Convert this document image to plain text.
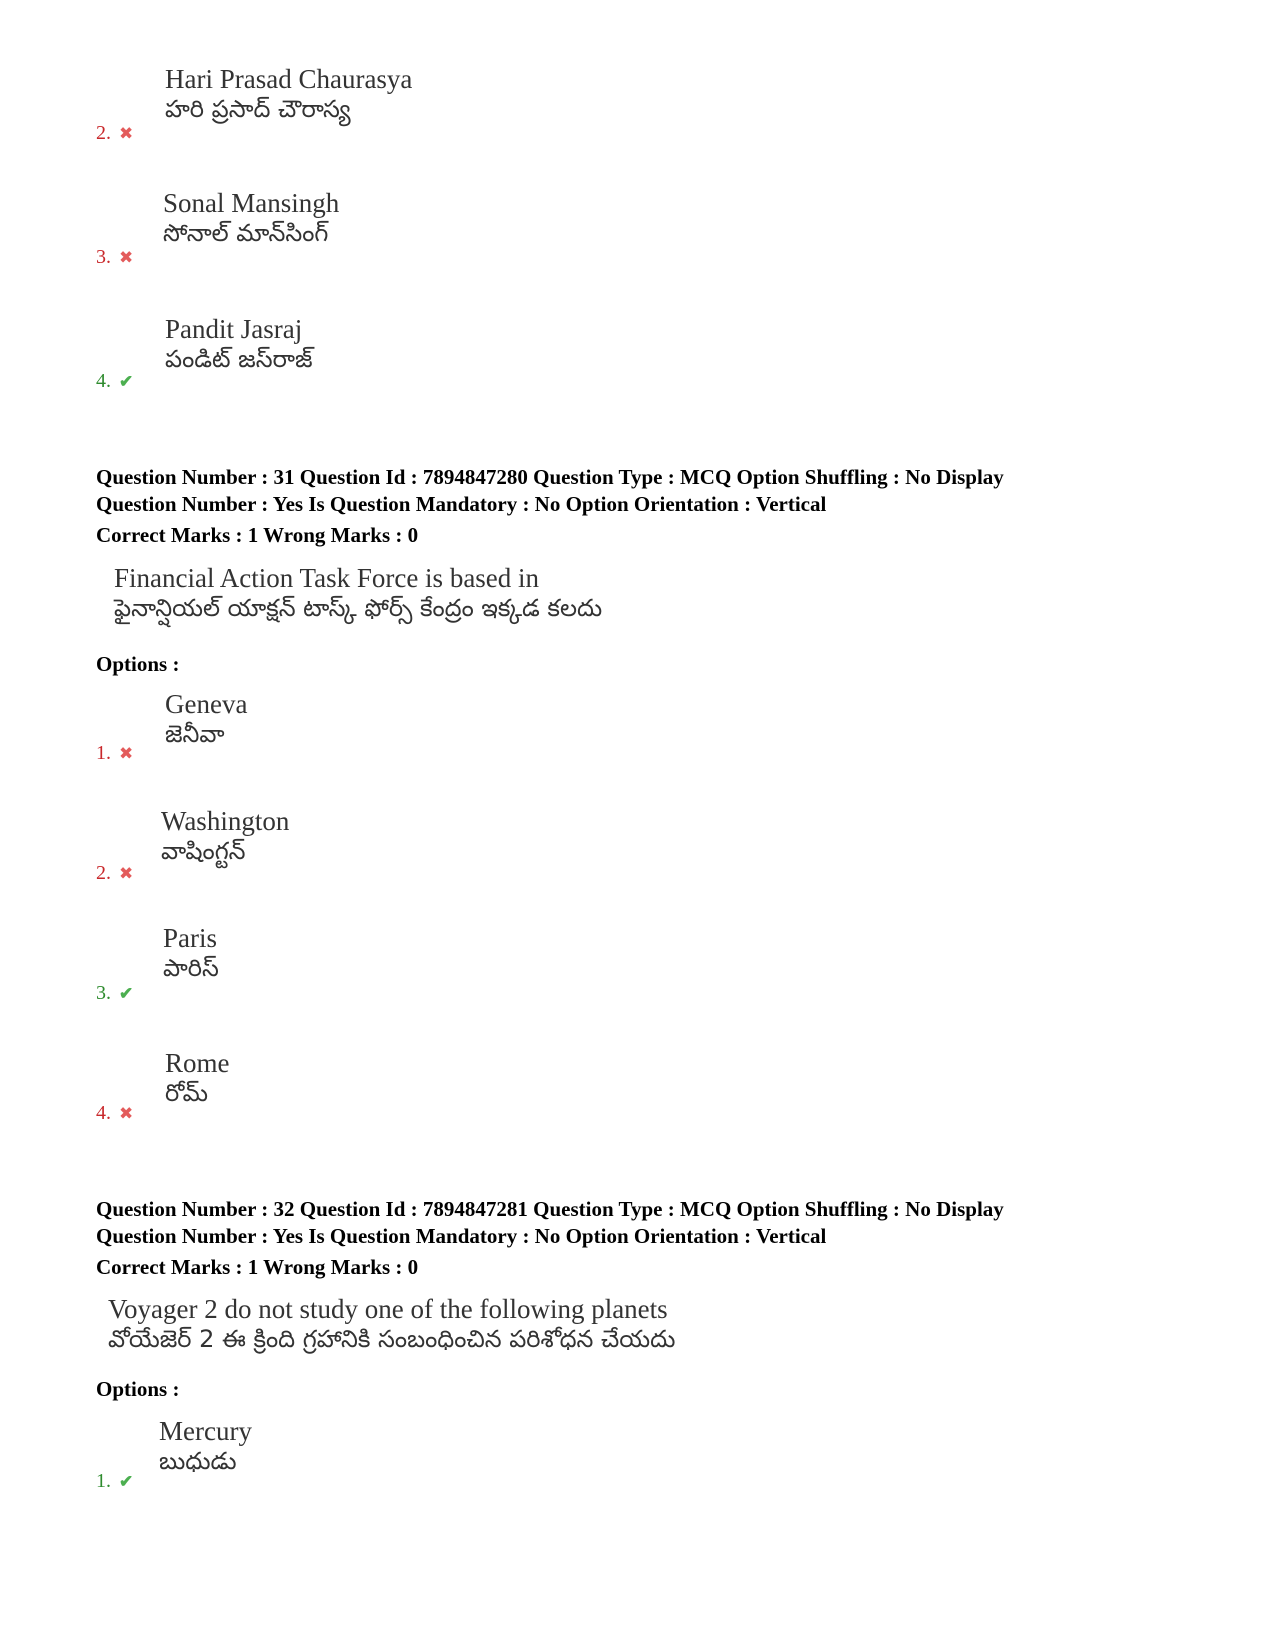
Hari Prasad Chaurasya
హరి ప్రసాద్ చౌరాస్య
2. ✖
Sonal Mansingh
సోనాల్ మాన్‌సింగ్
3. ✖
Pandit Jasraj
పండిట్ జస్‌రాజ్
4. ✔
Question Number : 31 Question Id : 7894847280 Question Type : MCQ Option Shuffling : No Display
Question Number : Yes Is Question Mandatory : No Option Orientation : Vertical
Correct Marks : 1 Wrong Marks : 0
Financial Action Task Force is based in
ఫైనాన్షియల్ యాక్షన్ టాస్క్ ఫోర్స్ కేంద్రం ఇక్కడ కలదు
Options :
Geneva
జెనీవా
1. ✖
Washington
వాషింగ్టన్
2. ✖
Paris
పారిస్
3. ✔
Rome
రోమ్
4. ✖
Question Number : 32 Question Id : 7894847281 Question Type : MCQ Option Shuffling : No Display
Question Number : Yes Is Question Mandatory : No Option Orientation : Vertical
Correct Marks : 1 Wrong Marks : 0
Voyager 2 do not study one of the following planets
వోయేజెర్ 2 ఈ క్రింది గ్రహానికి సంబంధించిన పరిశోధన చేయదు
Options :
Mercury
బుధుడు
1. ✔
